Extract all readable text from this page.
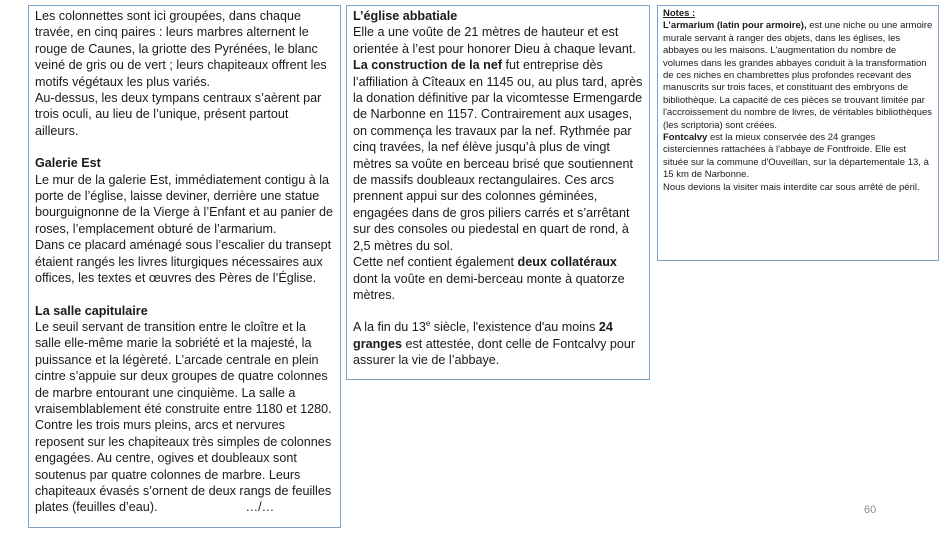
Les colonnettes sont ici groupées, dans chaque travée, en cinq paires : leurs marbres alternent le rouge de Caunes, la griotte des Pyrénées, le blanc veiné de gris ou de vert ; leurs chapiteaux offrent les motifs végétaux les plus variés.

Au-dessus, les deux tympans centraux s’aèrent par trois oculi, au lieu de l’unique, présent partout ailleurs.

Galerie Est

Le mur de la galerie Est, immédiatement contigu à la porte de l’église, laisse deviner, derrière une statue bourguignonne de la Vierge à l’Enfant et au panier de roses, l’emplacement obturé de l’armarium.

Dans ce placard aménagé sous l’escalier du transept étaient rangés les livres liturgiques nécessaires aux offices, les textes et œuvres des Pères de l’Église.

La salle capitulaire

Le seuil servant de transition entre le cloître et la salle elle-même marie la sobriété et la majesté, la puissance et la légèreté. L’arcade centrale en plein cintre s’appuie sur deux groupes de quatre colonnes de marbre entourant une cinquième. La salle a vraisemblablement été construite entre 1180 et 1280. Contre les trois murs pleins, arcs et nervures reposent sur les chapiteaux très simples de colonnes engagées. Au centre, ogives et doubleaux sont soutenus par quatre colonnes de marbre. Leurs chapiteaux évasés s’ornent de deux rangs de feuilles plates (feuilles d’eau).	…/…

L’église abbatiale

Elle a une voûte de 21 mètres de hauteur et est orientée à l’est pour honorer Dieu à chaque levant.

La construction de la nef fut entreprise dès l’affiliation à Cîteaux en 1145 ou, au plus tard, après la donation définitive par la vicomtesse Ermengarde de Narbonne en 1157. Contrairement aux usages, on commença les travaux par la nef. Rythmée par cinq travées, la nef élève jusqu’à plus de vingt mètres sa voûte en berceau brisé que soutiennent de massifs doubleaux rectangulaires. Ces arcs prennent appui sur des colonnes géminées, engagées dans de gros piliers carrés et s’arrêtant sur des consoles ou piedestal en quart de rond, à 2,5 mètres du sol.

Cette nef contient également deux collatéraux dont la voûte en demi-berceau monte à quatorze mètres.

A la fin du 13e siècle, l'existence d'au moins 24 granges est attestée, dont celle de Fontcalvy pour assurer la vie de l’abbaye.

Notes :

L’armarium (latin pour armoire), est une niche ou une armoire murale servant à ranger des objets, dans les églises, les abbayes ou les maisons. L'augmentation du nombre de volumes dans les grandes abbayes conduit à la transformation de ces niches en chambrettes plus profondes recevant des manuscrits sur trois faces, et constituant des embryons de bibliothèque. La capacité de ces pièces se trouvant limitée par l'accroissement du nombre de livres, de véritables bibliothèques (les scriptoria) sont créées.

Fontcalvy est la mieux conservée des 24 granges cisterciennes rattachées à l'abbaye de Fontfroide. Elle est située sur la commune d'Ouveillan, sur la départementale 13, à 15 km de Narbonne.

Nous devions la visiter mais interdite car sous arrêté de péril.

60
